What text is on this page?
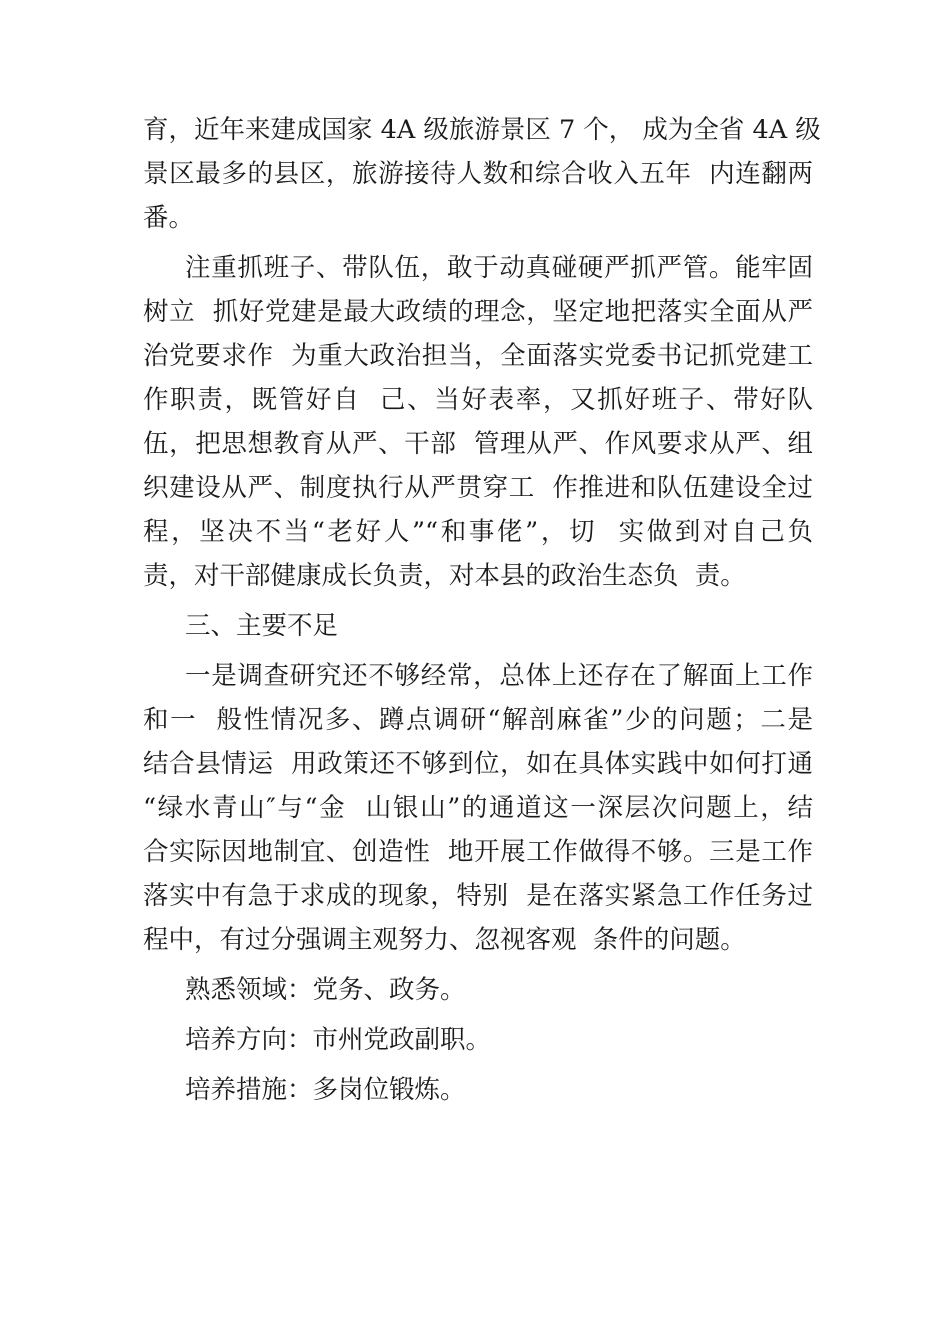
育，近年来建成国家 4A 级旅游景区 7 个， 成为全省 4A 级
景区最多的县区，旅游接待人数和综合收入五年  内连翻两
番。
注重抓班子、带队伍，敢于动真碰硬严抓严管。能牢固
树立  抓好党建是最大政绩的理念，坚定地把落实全面从严
治党要求作  为重大政治担当，全面落实党委书记抓党建工
作职责，既管好自  己、当好表率，又抓好班子、带好队
伍，把思想教育从严、干部  管理从严、作风要求从严、组
织建设从严、制度执行从严贯穿工  作推进和队伍建设全过
程，坚决不当“老好人”“和事佬”，切  实做到对自己负
责，对干部健康成长负责，对本县的政治生态负  责。
三、主要不足
一是调查研究还不够经常，总体上还存在了解面上工作
和一  般性情况多、蹲点调研“解剖麻雀”少的问题；二是
结合县情运  用政策还不够到位，如在具体实践中如何打通
“绿水青山″与“金  山银山”的通道这一深层次问题上，结
合实际因地制宜、创造性  地开展工作做得不够。三是工作
落实中有急于求成的现象，特别  是在落实紧急工作任务过
程中，有过分强调主观努力、忽视客观  条件的问题。
熟悉领域：党务、政务。
培养方向：市州党政副职。
培养措施：多岗位锻炼。
